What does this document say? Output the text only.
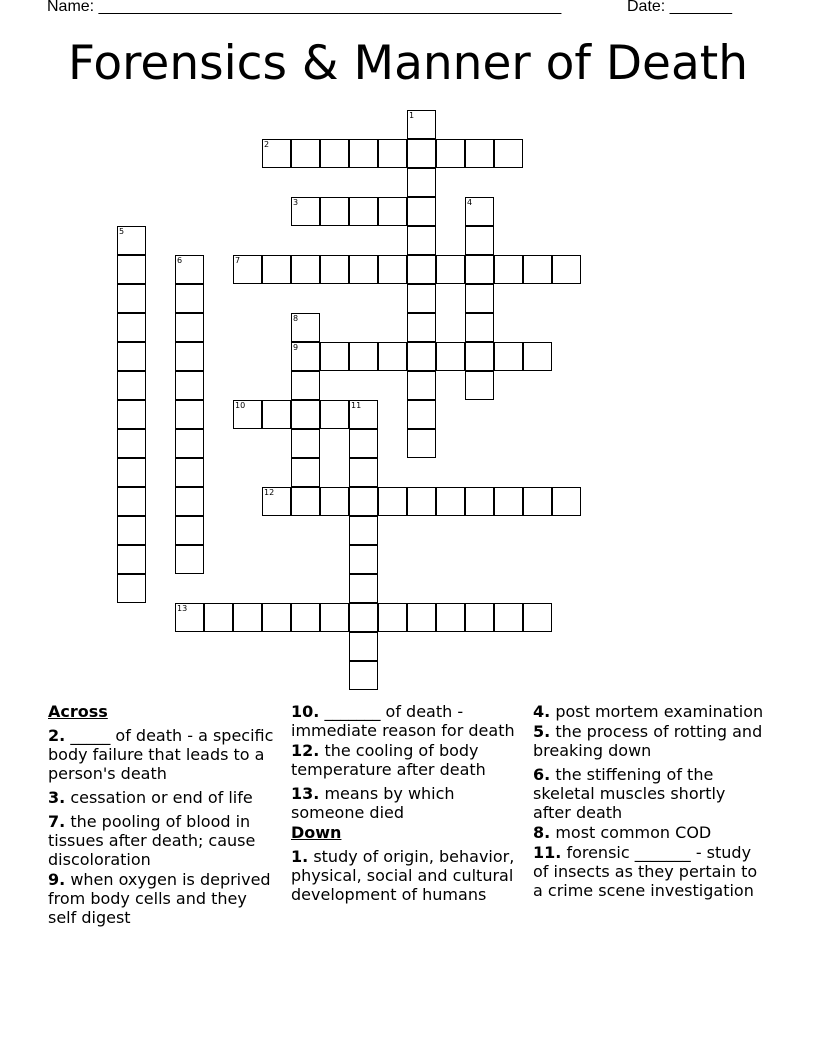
Name: ____________________________________________________	Date: _______
Forensics & Manner of Death
1
2
3	4
5
6	7
8
9
10	11
12
13
Across
2. _____ of death - a specific body failure that leads to a person's death
3. cessation or end of life
7. the pooling of blood in tissues after death; cause discoloration
9. when oxygen is deprived from body cells and they self digest
10. _______ of death - immediate reason for death
12. the cooling of body temperature after death
13. means by which someone died
Down
1. study of origin, behavior, physical, social and cultural development of humans
4. post mortem examination
5. the process of rotting and breaking down
6. the stiffening of the skeletal muscles shortly after death
8. most common COD
11. forensic _______ - study of insects as they pertain to a crime scene investigation
